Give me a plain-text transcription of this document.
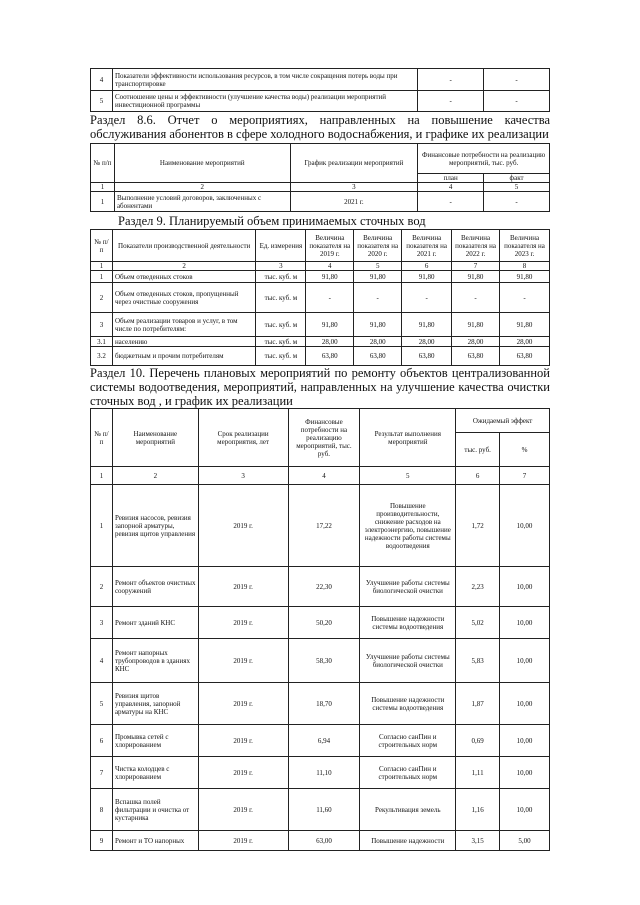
4	Показатели эффективности использования ресурсов, в том числе сокращения потерь воды при транспортировке	-	-
5	Соотношение цены и эффективности (улучшение качества воды) реализации мероприятий инвестиционной программы	-	-
Раздел 8.6. Отчет о мероприятиях, направленных на повышение качества обслуживания абонентов в сфере холодного водоснабжения, и графике их реализации
№ п/п	Наименование мероприятий	График реализации мероприятий	Финансовые потребности на реализацию мероприятий, тыс. руб.	
			план	факт
1	2	3	4	5
1	Выполнение условий договоров, заключенных с абонентами	2021 г.	-	-
Раздел 9. Планируемый объем принимаемых сточных вод
№ п/ п	Показатели производственной деятельности	Ед. измерения	Величина показателя на 2019 г.	Величина показателя на 2020 г.	Величина показателя на 2021 г.	Величина показателя на 2022 г.	Величина показателя на 2023 г.
1	2	3	4	5	6	7	8
1	Объем отведенных стоков	тыс. куб. м	91,80	91,80	91,80	91,80	91,80
2	Объем отведенных стоков, пропущенный через очистные сооружения	тыс. куб. м	-	-	-	-	-
3	Объем реализации товаров и услуг, в том числе по потребителям:	тыс. куб. м	91,80	91,80	91,80	91,80	91,80
3.1	населению	тыс. куб. м	28,00	28,00	28,00	28,00	28,00
3.2	бюджетным и прочим потребителям	тыс. куб. м	63,80	63,80	63,80	63,80	63,80
Раздел 10. Перечень плановых мероприятий по ремонту объектов централизованной системы водоотведения, мероприятий, направленных на улучшение качества очистки сточных вод , и график их реализации
№ п/п	Наименование мероприятий	Срок реализации мероприятия, лет	Финансовые потребности на реализацию мероприятий, тыс. руб.	Результат выполнения мероприятий	Ожидаемый эффект	
					тыс. руб.	%
1	2	3	4	5	6	7
1	Ревизия насосов, ревизия запорной арматуры, ревизия щитов управления	2019 г.	17,22	Повышение производительности, снижение расходов на электроэнергию, повышение надежности работы системы водоотведения	1,72	10,00
2	Ремонт объектов очистных сооружений	2019 г.	22,30	Улучшение работы системы биологической очистки	2,23	10,00
3	Ремонт зданий КНС	2019 г.	50,20	Повышение надежности системы водоотведения	5,02	10,00
4	Ремонт напорных трубопроводов в зданиях КНС	2019 г.	58,30	Улучшение работы системы биологической очистки	5,83	10,00
5	Ревизия щитов управления, запорной арматуры на КНС	2019 г.	18,70	Повышение надежности системы водоотведения	1,87	10,00
6	Промывка сетей с хлорированием	2019 г.	6,94	Согласно санПин и строительных норм	0,69	10,00
7	Чистка колодцев с хлорированием	2019 г.	11,10	Согласно санПин и строительных норм	1,11	10,00
8	Вспашка полей фильтрации и очистка от кустарника	2019 г.	11,60	Рекультивация земель	1,16	10,00
9	Ремонт и ТО напорных	2019 г.	63,00	Повышение надежности	3,15	5,00
